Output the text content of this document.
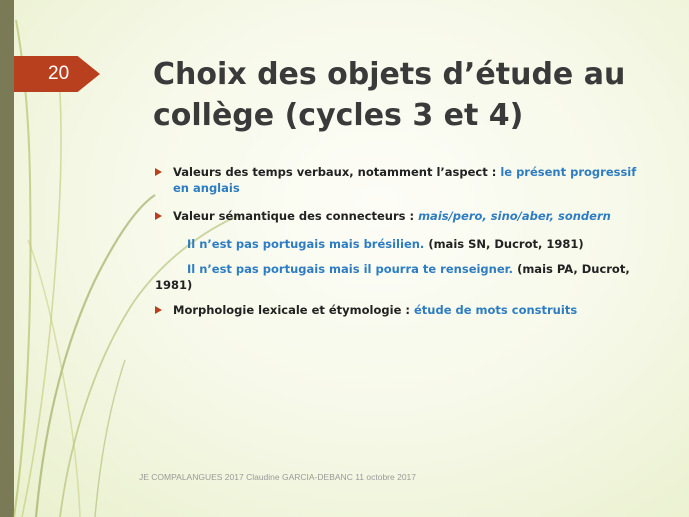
20	Choix des objets d’étude au
collège (cycles 3 et 4)
Valeurs des temps verbaux, notamment l’aspect : le présent progressif en anglais
Valeur sémantique des connecteurs : mais/pero, sino/aber, sondern
Il n’est pas portugais mais brésilien. (mais SN, Ducrot, 1981)
Il n’est pas portugais mais il pourra te renseigner. (mais PA, Ducrot, 1981)
Morphologie lexicale et étymologie : étude de mots construits
JE COMPALANGUES 2017 Claudine GARCIA-DEBANC 11 octobre 2017
